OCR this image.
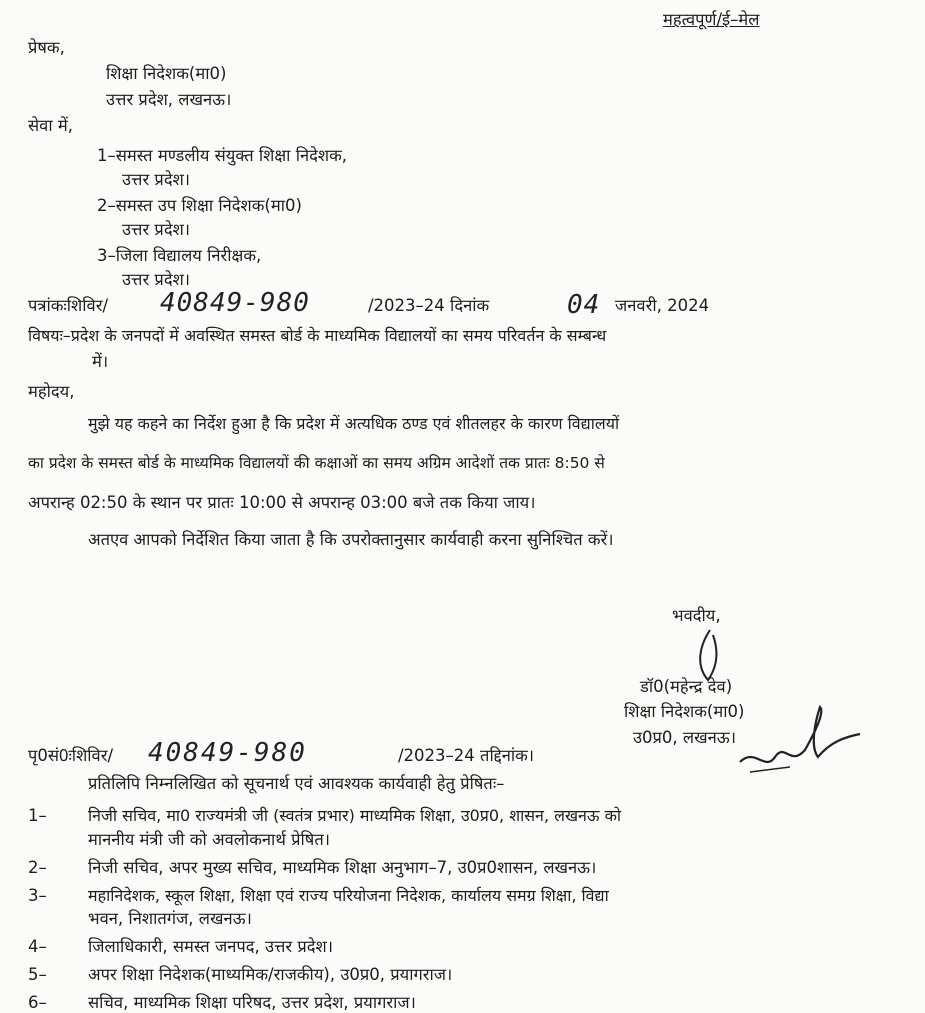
महत्वपूर्ण/ई–मेल
प्रेषक,
शिक्षा निदेशक(मा0)
उत्तर प्रदेश, लखनऊ।
सेवा में,
1–समस्त मण्डलीय संयुक्त शिक्षा निदेशक,
उत्तर प्रदेश।
2–समस्त उप शिक्षा निदेशक(मा0)
उत्तर प्रदेश।
3–जिला विद्यालय निरीक्षक,
उत्तर प्रदेश।
पत्रांकःशिविर/ 40849-980	/2023–24 दिनांक	04 जनवरी, 2024
विषयः–प्रदेश के जनपदों में अवस्थित समस्त बोर्ड के माध्यमिक विद्यालयों का समय परिवर्तन के सम्बन्ध
में।
महोदय,
मुझे यह कहने का निर्देश हुआ है कि प्रदेश में अत्यधिक ठण्ड एवं शीतलहर के कारण विद्यालयों
का प्रदेश के समस्त बोर्ड के माध्यमिक विद्यालयों की कक्षाओं का समय अग्रिम आदेशों तक प्रातः 8:50 से
अपरान्ह 02:50 के स्थान पर प्रातः 10:00 से अपरान्ह 03:00 बजे तक किया जाय।
अतएव आपको निर्देशित किया जाता है कि उपरोक्तानुसार कार्यवाही करना सुनिश्चित करें।
भवदीय,
डॉ0(महेन्द्र देव)
शिक्षा निदेशक(मा0)
उ0प्र0, लखनऊ।
पृ0सं0ःशिविर/ 40849-980	/2023–24 तद्दिनांक।
प्रतिलिपि निम्नलिखित को सूचनार्थ एवं आवश्यक कार्यवाही हेतु प्रेषितः–
1–	निजी सचिव, मा0 राज्यमंत्री जी (स्वतंत्र प्रभार) माध्यमिक शिक्षा, उ0प्र0, शासन, लखनऊ को
माननीय मंत्री जी को अवलोकनार्थ प्रेषित।
2–	निजी सचिव, अपर मुख्य सचिव, माध्यमिक शिक्षा अनुभाग–7, उ0प्र0शासन, लखनऊ।
3–	महानिदेशक, स्कूल शिक्षा, शिक्षा एवं राज्य परियोजना निदेशक, कार्यालय समग्र शिक्षा, विद्या
भवन, निशातगंज, लखनऊ।
4–	जिलाधिकारी, समस्त जनपद, उत्तर प्रदेश।
5–	अपर शिक्षा निदेशक(माध्यमिक/राजकीय), उ0प्र0, प्रयागराज।
6–	सचिव, माध्यमिक शिक्षा परिषद, उत्तर प्रदेश, प्रयागराज।
